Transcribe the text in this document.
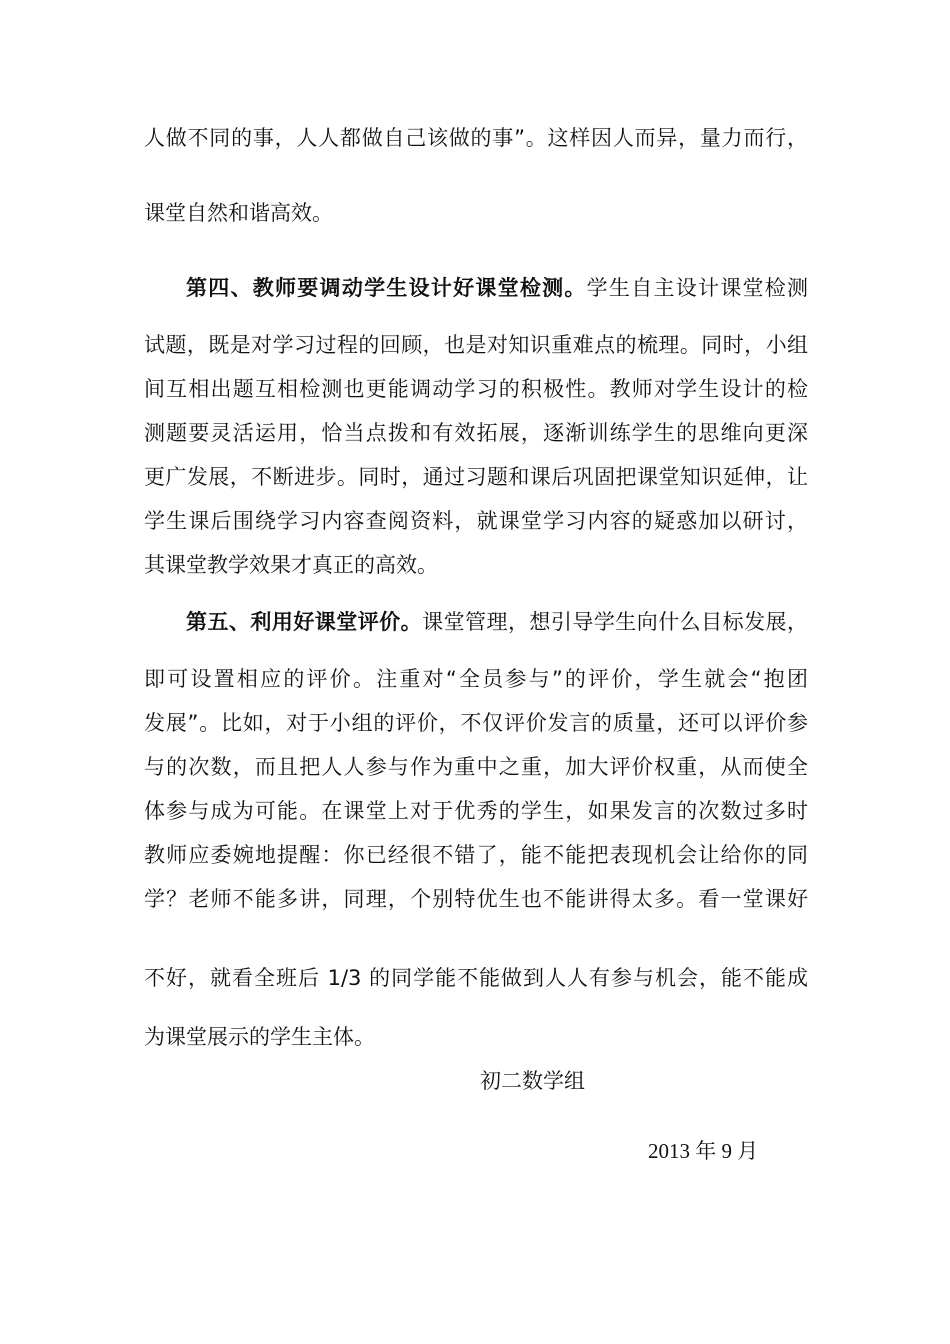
人做不同的事，人人都做自己该做的事”。这样因人而异，量力而行，
课堂自然和谐高效。
第四、教师要调动学生设计好课堂检测。学生自主设计课堂检测
试题，既是对学习过程的回顾，也是对知识重难点的梳理。同时，小组
间互相出题互相检测也更能调动学习的积极性。教师对学生设计的检
测题要灵活运用，恰当点拨和有效拓展，逐渐训练学生的思维向更深
更广发展，不断进步。同时，通过习题和课后巩固把课堂知识延伸，让
学生课后围绕学习内容查阅资料，就课堂学习内容的疑惑加以研讨，
其课堂教学效果才真正的高效。
第五、利用好课堂评价。课堂管理，想引导学生向什么目标发展，
即可设置相应的评价。注重对“全员参与”的评价，学生就会“抱团
发展”。比如，对于小组的评价，不仅评价发言的质量，还可以评价参
与的次数，而且把人人参与作为重中之重，加大评价权重，从而使全
体参与成为可能。在课堂上对于优秀的学生，如果发言的次数过多时
教师应委婉地提醒：你已经很不错了，能不能把表现机会让给你的同
学？老师不能多讲，同理，个别特优生也不能讲得太多。看一堂课好
不好，就看全班后 1/3 的同学能不能做到人人有参与机会，能不能成
为课堂展示的学生主体。
初二数学组
2013 年 9 月
